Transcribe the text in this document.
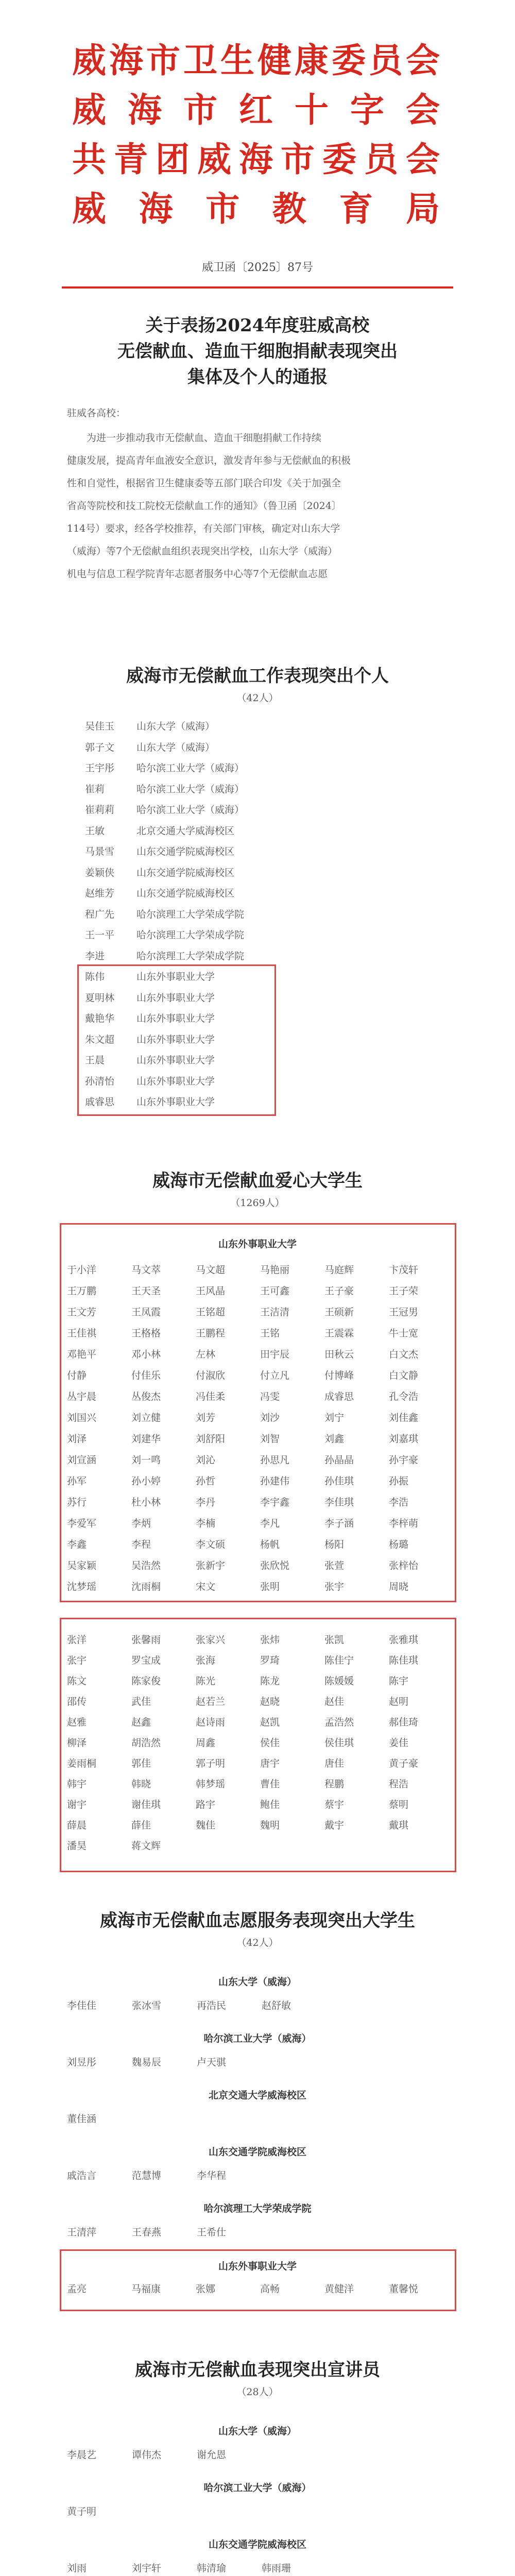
威海市卫生健康委员会
威海市红十字会
共青团威海市委员会
威海市教育局
威卫函〔2025〕87号
关于表扬2024年度驻威高校
无偿献血、造血干细胞捐献表现突出
集体及个人的通报
驻威各高校：
为进一步推动我市无偿献血、造血干细胞捐献工作持续
健康发展，提高青年血液安全意识，激发青年参与无偿献血的积极
性和自觉性，根据省卫生健康委等五部门联合印发《关于加强全
省高等院校和技工院校无偿献血工作的通知》（鲁卫函〔2024〕
114号）要求，经各学校推荐，有关部门审核，确定对山东大学
（威海）等7个无偿献血组织表现突出学校，山东大学（威海）
机电与信息工程学院青年志愿者服务中心等7个无偿献血志愿
威海市无偿献血工作表现突出个人
（42人）
吴佳玉	山东大学（威海）
郭子文	山东大学（威海）
王宇彤	哈尔滨工业大学（威海）
崔莉	哈尔滨工业大学（威海）
崔莉莉	哈尔滨工业大学（威海）
王敏	北京交通大学威海校区
马景雪	山东交通学院威海校区
姜颖侠	山东交通学院威海校区
赵维芳	山东交通学院威海校区
程广先	哈尔滨理工大学荣成学院
王一平	哈尔滨理工大学荣成学院
李进	哈尔滨理工大学荣成学院
陈伟	山东外事职业大学
夏明林	山东外事职业大学
戴艳华	山东外事职业大学
朱文超	山东外事职业大学
王晨	山东外事职业大学
孙清怡	山东外事职业大学
戚睿思	山东外事职业大学
威海市无偿献血爱心大学生
（1269人）
山东外事职业大学
于小洋	马文萃	马文超	马艳丽	马庭辉	卞茂轩
王万鹏	王天圣	王风晶	王可鑫	王子豪	王子荣
王文芳	王凤霞	王铭超	王洁清	王硕新	王冠男
王佳祺	王格格	王鹏程	王铭	王震霖	牛士宽
邓艳平	邓小林	左林	田宇辰	田秋云	白文杰
付静	付佳乐	付淑欣	付立凡	付博峰	白文静
丛宇晨	丛俊杰	冯佳柔	冯雯	成睿思	孔令浩
刘国兴	刘立健	刘芳	刘沙	刘宁	刘佳鑫
刘泽	刘建华	刘舒阳	刘智	刘鑫	刘嘉琪
刘宣涵	刘一鸣	刘沁	孙思凡	孙晶晶	孙宇豪
孙军	孙小婷	孙哲	孙建伟	孙佳琪	孙振
苏行	杜小林	李丹	李宇鑫	李佳琪	李浩
李爱军	李炳	李楠	李凡	李子涵	李梓萌
李鑫	李程	李文硕	杨帆	杨阳	杨璐
吴家颖	吴浩然	张新宇	张欣悦	张萱	张梓怡
沈梦瑶	沈雨桐	宋文	张明	张宇	周晓
张洋	张馨雨	张家兴	张炜	张凯	张雅琪
张宇	罗宝成	张海	罗琦	陈佳宁	陈佳琪
陈文	陈家俊	陈光	陈龙	陈媛媛	陈宇
邵传	武佳	赵若兰	赵晓	赵佳	赵明
赵雅	赵鑫	赵诗雨	赵凯	孟浩然	郝佳琦
柳泽	胡浩然	周鑫	侯佳	侯佳琪	姜佳
姜雨桐	郭佳	郭子明	唐宇	唐佳	黄子豪
韩宇	韩晓	韩梦瑶	曹佳	程鹏	程浩
谢宇	谢佳琪	路宇	鲍佳	蔡宇	蔡明
薛晨	薛佳	魏佳	魏明	戴宇	戴琪
潘昊	蒋文辉
威海市无偿献血志愿服务表现突出大学生
（42人）
山东大学（威海）
李佳佳	张冰雪	再浩民	赵舒敏
哈尔滨工业大学（威海）
刘昱彤	魏易辰	卢天骐
北京交通大学威海校区
董佳涵
山东交通学院威海校区
戚浩言	范慧博	李华程
哈尔滨理工大学荣成学院
王清萍	王春燕	王希仕
山东外事职业大学
孟亮	马福康	张娜	高畅	黄健洋	董馨悦
威海市无偿献血表现突出宣讲员
（28人）
山东大学（威海）
李晨艺	谭伟杰	谢允恩
哈尔滨工业大学（威海）
黄子明
山东交通学院威海校区
刘雨	刘宇轩	韩清瑜	韩雨珊
